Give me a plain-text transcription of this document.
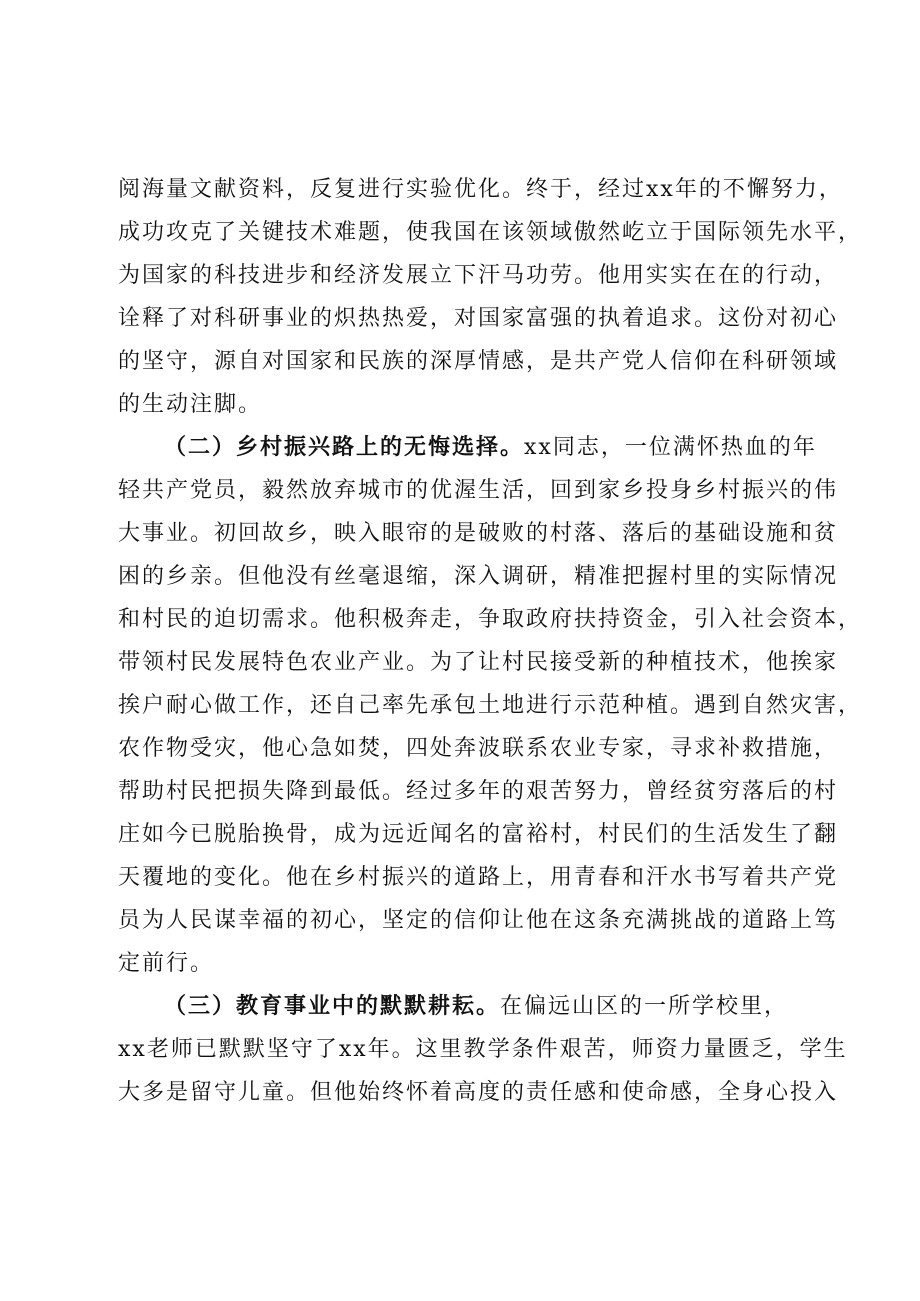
阅海量文献资料，反复进行实验优化。终于，经过xx年的不懈努力，
成功攻克了关键技术难题，使我国在该领域傲然屹立于国际领先水平，
为国家的科技进步和经济发展立下汗马功劳。他用实实在在的行动，
诠释了对科研事业的炽热热爱，对国家富强的执着追求。这份对初心
的坚守，源自对国家和民族的深厚情感，是共产党人信仰在科研领域
的生动注脚。
（二）乡村振兴路上的无悔选择。xx同志，一位满怀热血的年
轻共产党员，毅然放弃城市的优渥生活，回到家乡投身乡村振兴的伟
大事业。初回故乡，映入眼帘的是破败的村落、落后的基础设施和贫
困的乡亲。但他没有丝毫退缩，深入调研，精准把握村里的实际情况
和村民的迫切需求。他积极奔走，争取政府扶持资金，引入社会资本，
带领村民发展特色农业产业。为了让村民接受新的种植技术，他挨家
挨户耐心做工作，还自己率先承包土地进行示范种植。遇到自然灾害，
农作物受灾，他心急如焚，四处奔波联系农业专家，寻求补救措施，
帮助村民把损失降到最低。经过多年的艰苦努力，曾经贫穷落后的村
庄如今已脱胎换骨，成为远近闻名的富裕村，村民们的生活发生了翻
天覆地的变化。他在乡村振兴的道路上，用青春和汗水书写着共产党
员为人民谋幸福的初心，坚定的信仰让他在这条充满挑战的道路上笃
定前行。
（三）教育事业中的默默耕耘。在偏远山区的一所学校里，
xx老师已默默坚守了xx年。这里教学条件艰苦，师资力量匮乏，学生
大多是留守儿童。但他始终怀着高度的责任感和使命感，全身心投入
